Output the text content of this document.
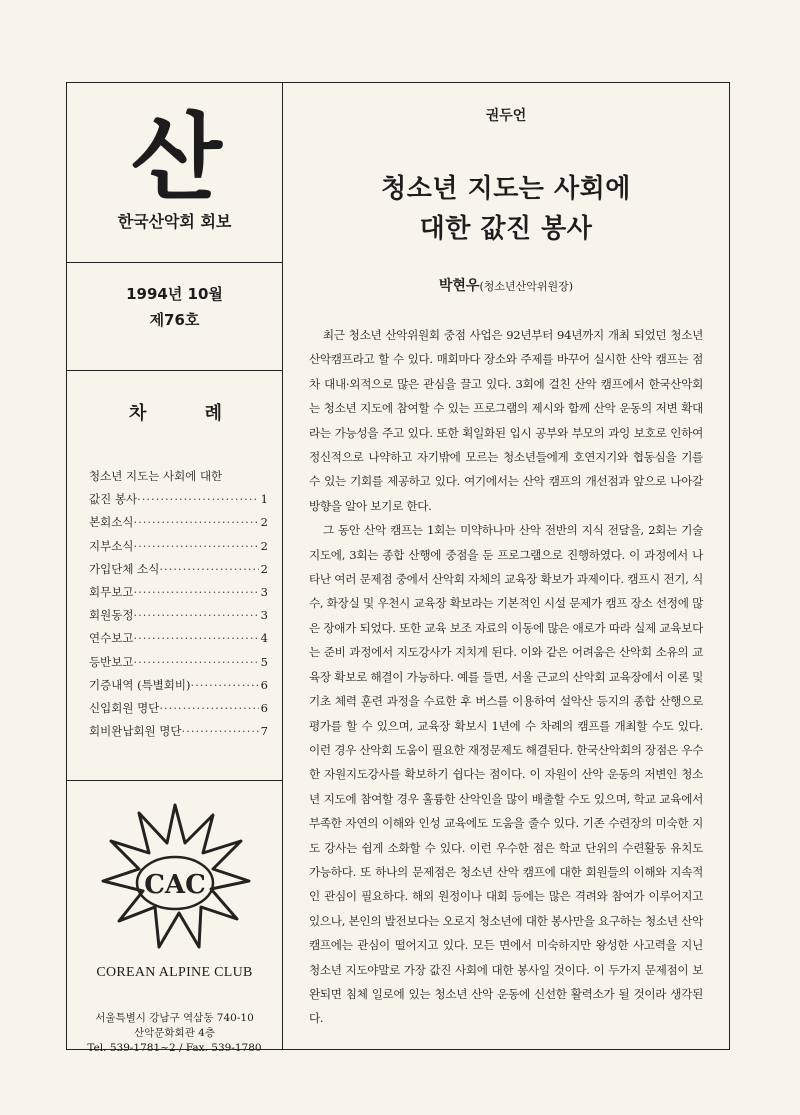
산
한국산악회 회보
1994년 10월
제76호
차 례
청소년 지도는 사회에 대한
값진 봉사 ·····	1
본회소식 ·····	2
지부소식 ·····	2
가입단체 소식 ·····	2
회무보고 ·····	3
회원동정 ·····	3
연수보고 ·····	4
등반보고 ·····	5
기증내역 (특별회비) ·····	6
신입회원 명단 ·····	6
회비완납회원 명단 ·····	7
CAC
COREAN ALPINE CLUB
서울특별시 강남구 역삼동 740-10
산악문화회관 4층
Tel. 539-1781~2 / Fax. 539-1780
권두언
청소년 지도는 사회에
대한 값진 봉사
박현우(청소년산악위원장)

최근 청소년 산악위원회 중점 사업은 92년부터 94년까지 개최 되었던 청소년 산악캠프라고 할 수 있다. 매회마다 장소와 주제를 바꾸어 실시한 산악 캠프는 점차 대내·외적으로 많은 관심을 끌고 있다. 3회에 걸친 산악 캠프에서 한국산악회는 청소년 지도에 참여할 수 있는 프로그램의 제시와 함께 산악 운동의 저변 확대라는 가능성을 주고 있다. 또한 획일화된 입시 공부와 부모의 과잉 보호로 인하여 정신적으로 나약하고 자기밖에 모르는 청소년들에게 호연지기와 협동심을 기를 수 있는 기회를 제공하고 있다. 여기에서는 산악 캠프의 개선점과 앞으로 나아갈 방향을 알아 보기로 한다.

그 동안 산악 캠프는 1회는 미약하나마 산악 전반의 지식 전달을, 2회는 기술 지도에, 3회는 종합 산행에 중점을 둔 프로그램으로 진행하였다. 이 과정에서 나타난 여러 문제점 중에서 산악회 자체의 교육장 확보가 과제이다. 캠프시 전기, 식수, 화장실 및 우천시 교육장 확보라는 기본적인 시설 문제가 캠프 장소 선정에 많은 장애가 되었다. 또한 교육 보조 자료의 이동에 많은 애로가 따라 실제 교육보다는 준비 과정에서 지도강사가 지치게 된다. 이와 같은 어려움은 산악회 소유의 교육장 확보로 해결이 가능하다. 예를 들면, 서울 근교의 산악회 교육장에서 이론 및 기초 체력 훈련 과정을 수료한 후 버스를 이용하여 설악산 등지의 종합 산행으로 평가를 할 수 있으며, 교육장 확보시 1년에 수 차례의 캠프를 개최할 수도 있다. 이런 경우 산악회 도움이 필요한 재정문제도 해결된다. 한국산악회의 장점은 우수한 자원지도강사를 확보하기 쉽다는 점이다. 이 자원이 산악 운동의 저변인 청소년 지도에 참여할 경우 훌륭한 산악인을 많이 배출할 수도 있으며, 학교 교육에서 부족한 자연의 이해와 인성 교육에도 도움을 줄수 있다. 기존 수련장의 미숙한 지도 강사는 쉽게 소화할 수 있다. 이런 우수한 점은 학교 단위의 수련활동 유치도 가능하다. 또 하나의 문제점은 청소년 산악 캠프에 대한 회원들의 이해와 지속적인 관심이 필요하다. 해외 원정이나 대회 등에는 많은 격려와 참여가 이루어지고 있으나, 본인의 발전보다는 오로지 청소년에 대한 봉사만을 요구하는 청소년 산악 캠프에는 관심이 떨어지고 있다. 모든 면에서 미숙하지만 왕성한 사고력을 지닌 청소년 지도야말로 가장 값진 사회에 대한 봉사일 것이다. 이 두가지 문제점이 보완되면 침체 일로에 있는 청소년 산악 운동에 신선한 활력소가 될 것이라 생각된다.
